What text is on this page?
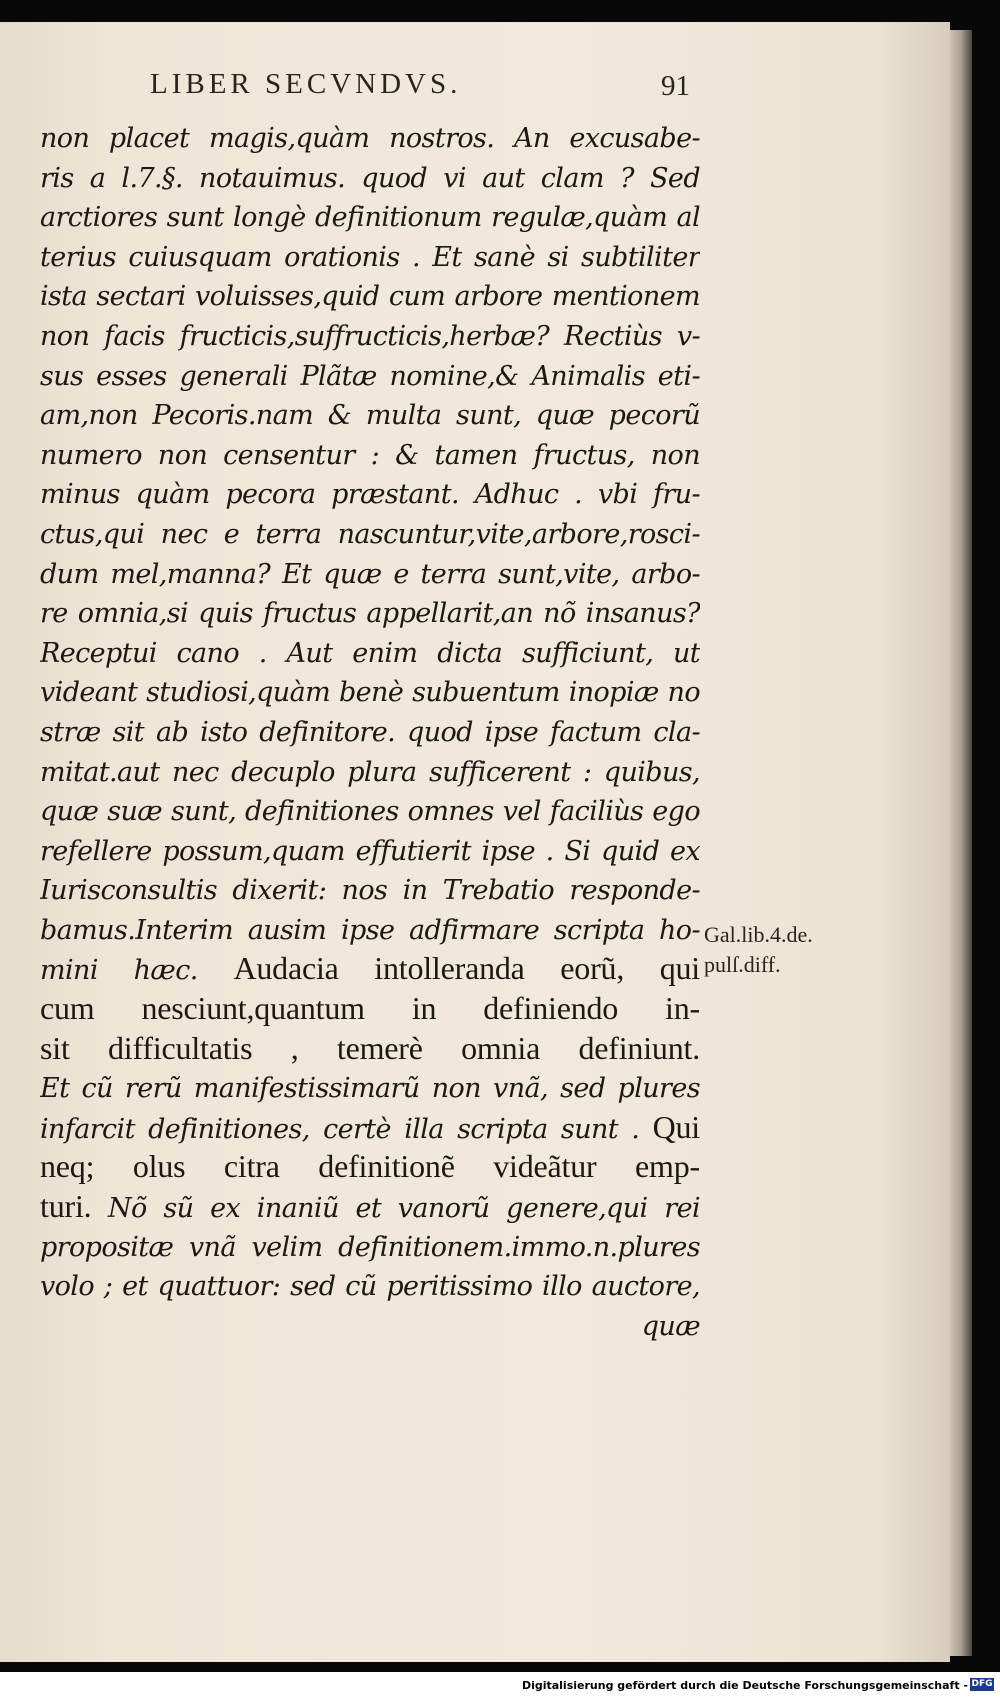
LIBER SECVNDVS.	91
non placet magis,quàm nostros. An excusabe-
ris a l.7.§. notauimus. quod vi aut clam ? Sed
arctiores sunt longè definitionum regulæ,quàm al
terius cuiusquam orationis . Et sanè si subtiliter
ista sectari voluisses,quid cum arbore mentionem
non facis fructicis,suffructicis,herbæ? Rectiùs v-
sus esses generali Plãtæ nomine,& Animalis eti-
am,non Pecoris.nam & multa sunt, quæ pecorũ
numero non censentur : & tamen fructus, non
minus quàm pecora præstant. Adhuc . vbi fru-
ctus,qui nec e terra nascuntur,vite,arbore,rosci-
dum mel,manna? Et quæ e terra sunt,vite, arbo-
re omnia,si quis fructus appellarit,an nõ insanus?
Receptui cano . Aut enim dicta sufficiunt, ut
videant studiosi,quàm benè subuentum inopiæ no
stræ sit ab isto definitore. quod ipse factum cla-
mitat.aut nec decuplo plura sufficerent : quibus,
quæ suæ sunt, definitiones omnes vel faciliùs ego
refellere possum,quam effutierit ipse . Si quid ex
Iurisconsultis dixerit: nos in Trebatio responde-
bamus.Interim ausim ipse adfirmare scripta ho-
mini hæc. Audacia intolleranda eorũ, qui
cum nesciunt,quantum in definiendo in-
sit difficultatis , temerè omnia definiunt.
Et cũ rerũ manifestissimarũ non vnã, sed plures
infarcit definitiones, certè illa scripta sunt . Qui
neq; olus citra definitionẽ videãtur emp-
turi. Nõ sũ ex inaniũ et vanorũ genere,qui rei
propositæ vnã velim definitionem.immo.n.plures
volo ; et quattuor: sed cũ peritissimo illo auctore,
quæ
Gal.lib.4.de.
pulſ.diff.
Digitalisierung gefördert durch die Deutsche Forschungsgemeinschaft - DFG
